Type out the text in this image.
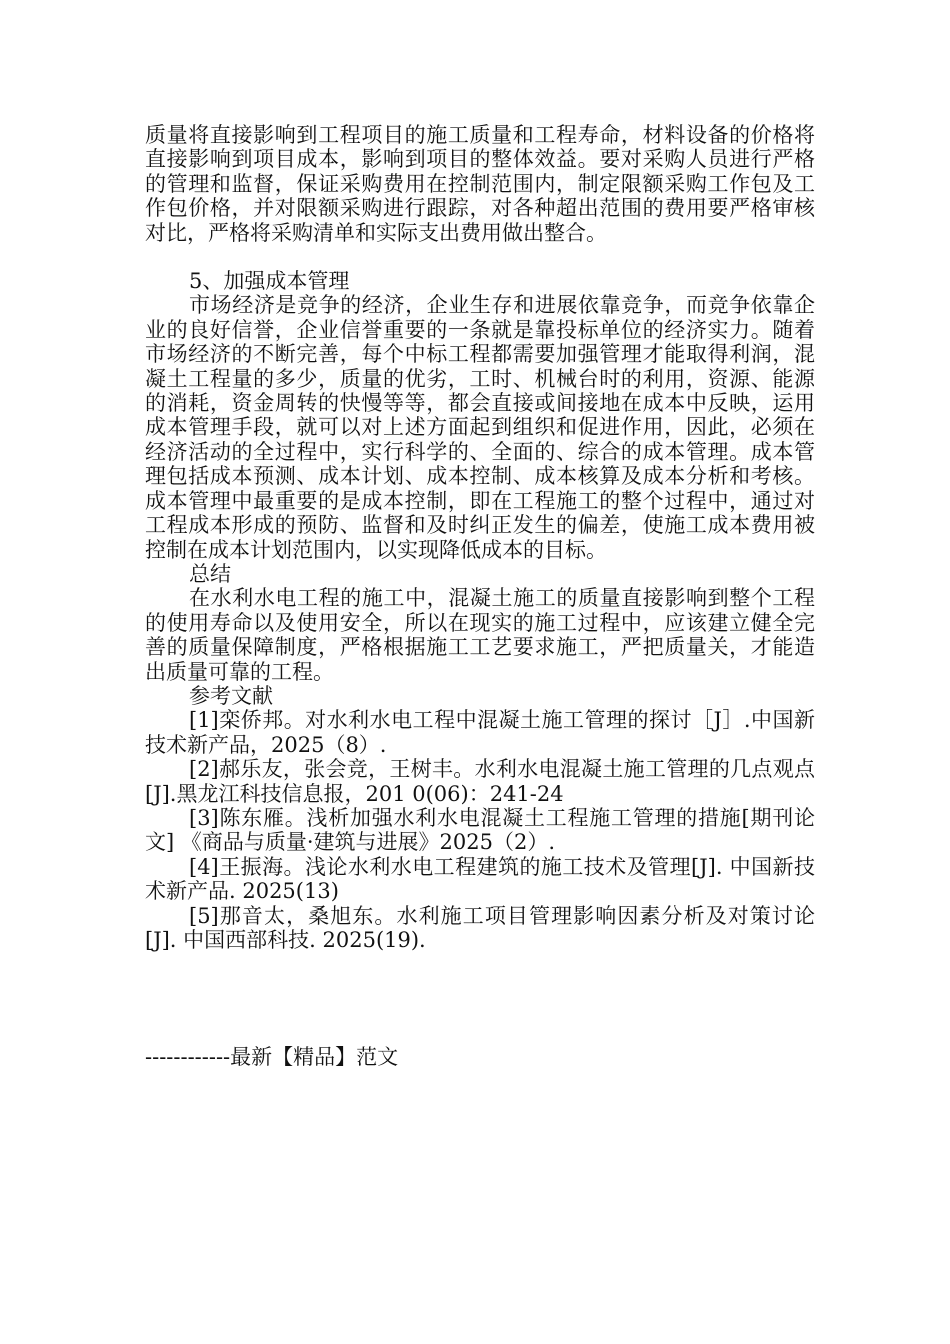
质量将直接影响到工程项目的施工质量和工程寿命，材料设备的价格将直接影响到项目成本，影响到项目的整体效益。要对采购人员进行严格的管理和监督，保证采购费用在控制范围内，制定限额采购工作包及工作包价格，并对限额采购进行跟踪，对各种超出范围的费用要严格审核对比，严格将采购清单和实际支出费用做出整合。

5、加强成本管理

市场经济是竞争的经济，企业生存和进展依靠竞争，而竞争依靠企业的良好信誉，企业信誉重要的一条就是靠投标单位的经济实力。随着市场经济的不断完善，每个中标工程都需要加强管理才能取得利润，混凝土工程量的多少，质量的优劣，工时、机械台时的利用，资源、能源的消耗，资金周转的快慢等等，都会直接或间接地在成本中反映，运用成本管理手段，就可以对上述方面起到组织和促进作用，因此，必须在经济活动的全过程中，实行科学的、全面的、综合的成本管理。成本管理包括成本预测、成本计划、成本控制、成本核算及成本分析和考核。成本管理中最重要的是成本控制，即在工程施工的整个过程中，通过对工程成本形成的预防、监督和及时纠正发生的偏差，使施工成本费用被控制在成本计划范围内，以实现降低成本的目标。

总结

在水利水电工程的施工中，混凝土施工的质量直接影响到整个工程的使用寿命以及使用安全，所以在现实的施工过程中，应该建立健全完善的质量保障制度，严格根据施工工艺要求施工，严把质量关，才能造出质量可靠的工程。

参考文献

[1]栾侨邦。对水利水电工程中混凝土施工管理的探讨［J］.中国新技术新产品，2025（8）.

[2]郝乐友，张会竞，王树丰。水利水电混凝土施工管理的几点观点[J].黑龙江科技信息报，201 0(06)：241-24

[3]陈东雁。浅析加强水利水电混凝土工程施工管理的措施[期刊论文] 《商品与质量·建筑与进展》2025（2）.

[4]王振海。浅论水利水电工程建筑的施工技术及管理[J]. 中国新技术新产品. 2025(13)

[5]那音太，桑旭东。水利施工项目管理影响因素分析及对策讨论[J]. 中国西部科技. 2025(19).

------------最新【精品】范文
